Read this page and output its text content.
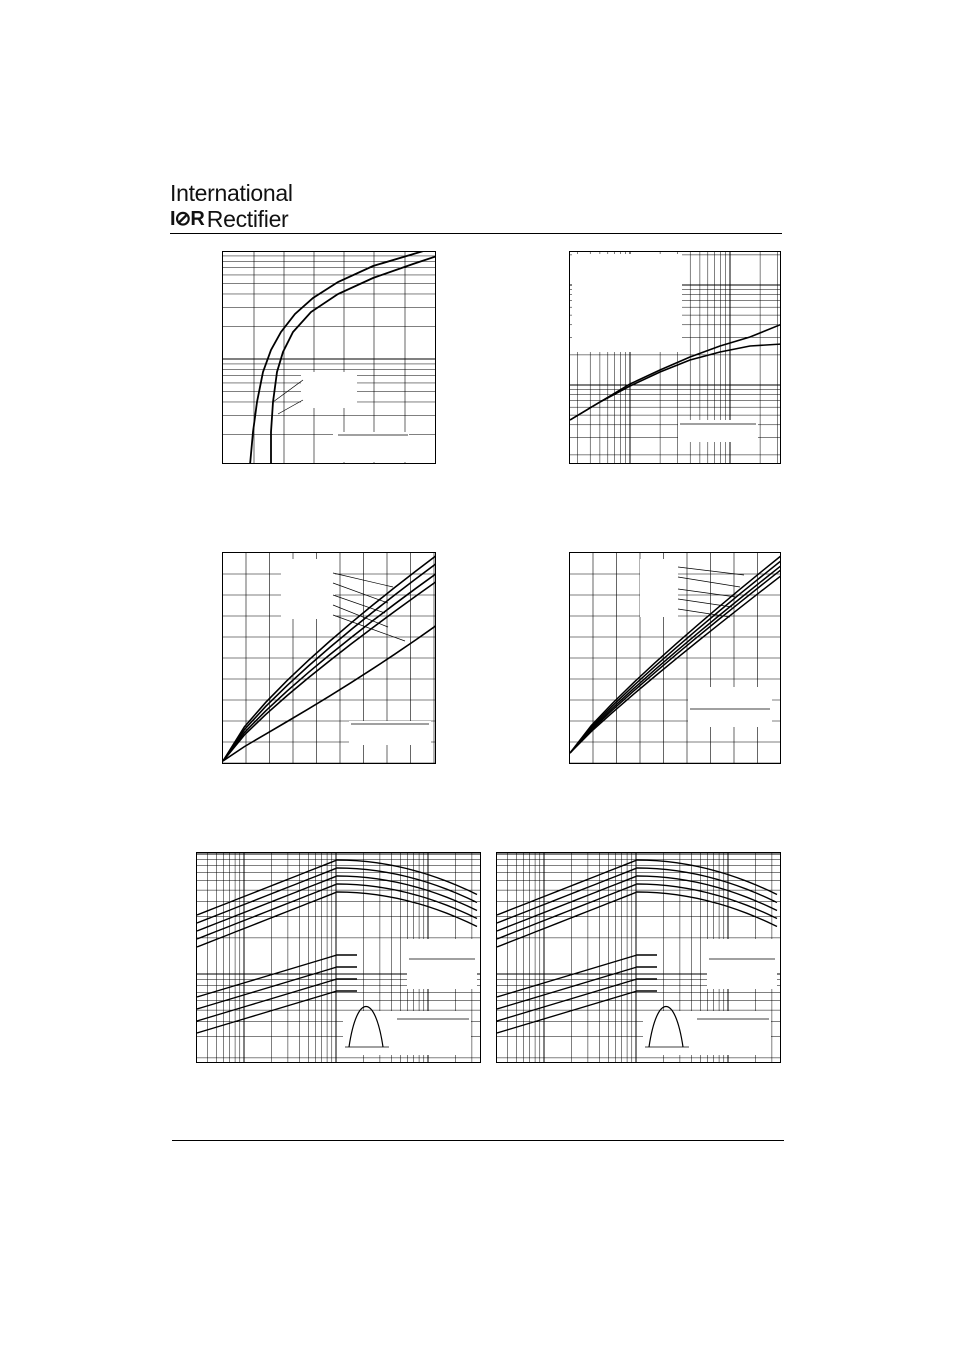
International
I⊘R Rectifier
